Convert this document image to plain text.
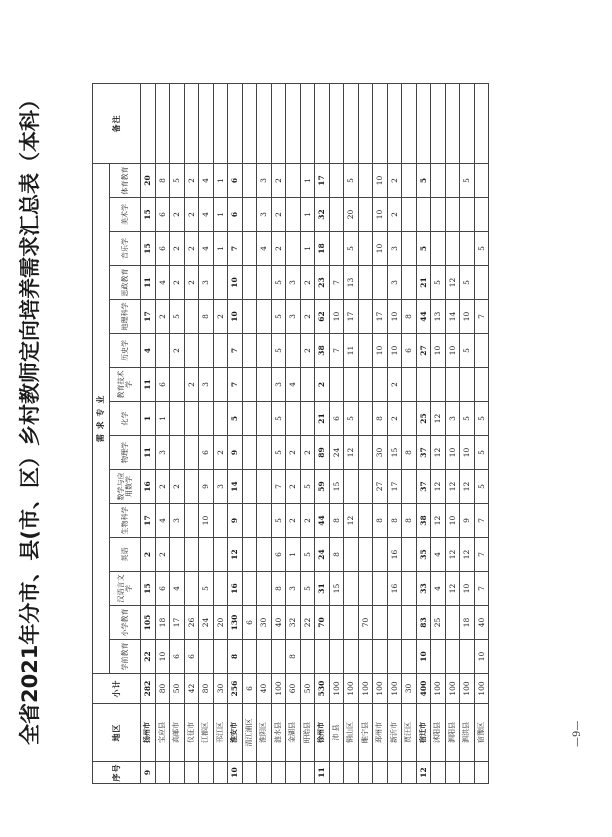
全省2021年分市、县(市、区）乡村教师定向培养需求汇总表（本科）
序号	地区	小计	需 求 专 业															备注
			学前教育	小学教育	汉语言文学	英语	生物科学	数学与应用数学	物理学	化学	教育技术学	历史学	地理科学	思政教育	音乐学	美术学	体育教育	
9	扬州市	282	22	105	15	2	17	16	11	1	11	4	17	11	15	15	20	
	宝应县	80	10	18	6	2	4	2	3	1	6		2	4	6	6	8	
	高邮市	50	6	17	4		3	2				2	5	2	2	2	5	
	仪征市	42	6	26							2			2	2	2	2	
	江都区	80		24	5		10	9	6		3		8	3	4	4	4	
	邗江区	30		20				3	2				2		1	1	1	
10	淮安市	256	8	130	16	12	9	14	9	5	7	7	10	10	7	6	6	
	清江浦区	6		6														
	淮阴区	40		30											4	3	3	
	涟水县	100		40	8	6	5	7	5	5	3	5	5	5	2	2	2	
	金湖县	60	8	32	3	1	2	2	2		4		3	3				
	盱眙县	50		22	5	5	2	5	2			2	2	2	1	1	1	
11	徐州市	530		70	31	24	44	59	89	21	2	38	62	23	18	32	17	
	沛 县	100			15	8	8	15	24	6		7	10	7				
	铜山区	100					12		12	5		11	17	13	5	20	5	
	睢宁县	100		70														
	邳州市	100					8	27	30	8		10	17		10	10	10	
	新沂市	100			16	16	8	17	15	2	2	10	10	3	3	2	2	
	贾汪区	30					8		8			6	8					
12	宿迁市	400	10	83	33	35	38	37	37	25		27	44	21	5		5	
	沭阳县	100		25	4	4	12	12	12	12		10	13	5				
	泗阳县	100			12	12	10	12	10	3		10	14	12				
	泗洪县	100		18	10	12	9	12	10	5		5	10	5			5	
	宿豫区	100	10	40	7	7	7	5	5	5			7		5			
—9—
